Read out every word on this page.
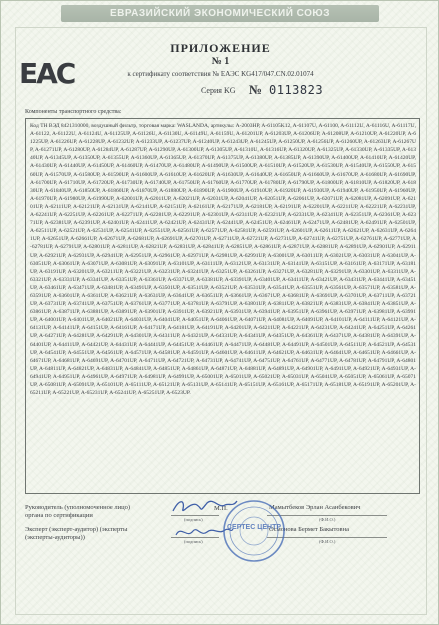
ЕВРАЗИЙСКИЙ ЭКОНОМИЧЕСКИЙ СОЮЗ
EAC
ПРИЛОЖЕНИЕ
№ 1
к сертификату соответствия № ЕАЭС KG417/047.CN.02.01074
Серия KG № 0113823
Компоненты транспортного средства:
Код ТН ВЭД 8421310000, воздушный фильтр, торговая марка: WASLANDA, артикулы: A-2003HP, A-61105K12, A-61107U, A-61100, A-61112U, A-61116U, A-61117U, A-61122, A-61122U, A-61124U, A-61125UP, A-61126U, A-61130U, A-61149U, A-61159U, A-61201UP, A-61203UP, A-61206UP, A-61208UP, A-61210UP, A-61220UP, A-61225UP, A-61226UP, A-61228UP, A-61232UP, A-61233UP, A-61237UP, A-61240UP, A-61243UP, A-61245UP, A-61250UP, A-61256UP, A-61260UP, A-61263UP, A-61267UP, A-61271UP, A-61280UP, A-61284UP, A-61287UP, A-61290UP, A-61300UP, A-61305UP, A-61310U, A-61316UP, A-61320UP, A-61325UP, A-61330UP, A-61335UP, A-61340UP, A-61345UP, A-61350UP, A-61355UP, A-61360UP, A-61365UP, A-61370UP, A-61375UP, A-61380UP, A-61385UP, A-61390UP, A-61400UP, A-61410UP, A-61420UP, A-61430UP, A-61440UP, A-61450UP, A-61460UP, A-61470UP, A-61480UP, A-61490UP, A-61500UP, A-61510UP, A-61520UP, A-61530UP, A-61540UP, A-61550UP, A-61560UP, A-61570UP, A-61580UP, A-61590UP, A-61600UP, A-61610UP, A-61620UP, A-61630UP, A-61640UP, A-61650UP, A-61660UP, A-61670UP, A-61680UP, A-61690UP, A-61700UP, A-61710UP, A-61720UP, A-61730UP, A-61740UP, A-61750UP, A-61760UP, A-61770UP, A-61780UP, A-61790UP, A-61800UP, A-61810UP, A-61820UP, A-61830UP, A-61840UP, A-61850UP, A-61860UP, A-61870UP, A-61880UP, A-61890UP, A-61900UP, A-61910UP, A-61920UP, A-61930UP, A-61940UP, A-61950UP, A-61960UP, A-61970UP, A-61980UP, A-61990UP, A-62001UP, A-62011UP, A-62021UP, A-62031UP, A-62041UP, A-62051UP, A-62061UP, A-62071UP, A-62081UP, A-62091UP, A-62101UP, A-62111UP, A-62121UP, A-62131UP, A-62141UP, A-62151UP, A-62161UP, A-62171UP, A-62181UP, A-62191UP, A-62201UP, A-62211UP, A-62221UP, A-62231UP, A-62241UP, A-62251UP, A-62261UP, A-62271UP, A-62281UP, A-62291UP, A-62301UP, A-62311UP, A-62321UP, A-62331UP, A-62341UP, A-62351UP, A-62361UP, A-62371UP, A-62381UP, A-62391UP, A-62401UP, A-62411UP, A-62421UP, A-62431UP, A-62441UP, A-62451UP, A-62461UP, A-62471UP, A-62481UP, A-62491UP, A-62501UP, A-62511UP, A-62521UP, A-62531UP, A-62541UP, A-62551UP, A-62561UP, A-62571UP, A-62581UP, A-62591UP, A-62601UP, A-62611UP, A-62621UP, A-62631UP, A-62641UP, A-62651UP, A-62661UP, A-62671UP, A-62681UP, A-62691UP, A-62701UP, A-62711UP, A-62721UP, A-62731UP, A-62741UP, A-62751UP, A-62761UP, A-62771UP, A-62781UP, A-62791UP, A-62801UP, A-62811UP, A-62821UP, A-62831UP, A-62841UP, A-62851UP, A-62861UP, A-62871UP, A-62881UP, A-62891UP, A-62901UP, A-62911UP, A-62921UP, A-62931UP, A-62941UP, A-62951UP, A-62961UP, A-62971UP, A-62981UP, A-62991UP, A-63001UP, A-63011UP, A-63021UP, A-63031UP, A-63041UP, A-63051UP, A-63061UP, A-63071UP, A-63081UP, A-63091UP, A-63101UP, A-63111UP, A-63121UP, A-63131UP, A-63141UP, A-63151UP, A-63161UP, A-63171UP, A-63181UP, A-63191UP, A-63201UP, A-63211UP, A-63221UP, A-63231UP, A-63241UP, A-63251UP, A-63261UP, A-63271UP, A-63281UP, A-63291UP, A-63301UP, A-63311UP, A-63321UP, A-63331UP, A-63341UP, A-63351UP, A-63361UP, A-63371UP, A-63381UP, A-63391UP, A-63401UP, A-63411UP, A-63421UP, A-63431UP, A-63441UP, A-63451UP, A-63461UP, A-63471UP, A-63481UP, A-63491UP, A-63501UP, A-63511UP, A-63521UP, A-63531UP, A-63541UP, A-63551UP, A-63561UP, A-63571UP, A-63581UP, A-63591UP, A-63601UP, A-63611UP, A-63621UP, A-63631UP, A-63641UP, A-63651UP, A-63661UP, A-63671UP, A-63681UP, A-63691UP, A-63701UP, A-63711UP, A-63721UP, A-63731UP, A-63741UP, A-63751UP, A-63761UP, A-63771UP, A-63781UP, A-63791UP, A-63801UP, A-63811UP, A-63821UP, A-63831UP, A-63841UP, A-63851UP, A-63861UP, A-63871UP, A-63881UP, A-63891UP, A-63901UP, A-63911UP, A-63921UP, A-63931UP, A-63941UP, A-63951UP, A-63961UP, A-63971UP, A-63981UP, A-63991UP, A-64001UP, A-64011UP, A-64021UP, A-64031UP, A-64041UP, A-64051UP, A-64061UP, A-64071UP, A-64081UP, A-64091UP, A-64101UP, A-64111UP, A-64121UP, A-64131UP, A-64141UP, A-64151UP, A-64161UP, A-64171UP, A-64181UP, A-64191UP, A-64201UP, A-64211UP, A-64221UP, A-64231UP, A-64241UP, A-64251UP, A-64261UP, A-64271UP, A-64281UP, A-64291UP, A-64301UP, A-64311UP, A-64321UP, A-64331UP, A-64341UP, A-64351UP, A-64361UP, A-64371UP, A-64381UP, A-64391UP, A-64401UP, A-64411UP, A-64421UP, A-64431UP, A-64441UP, A-64451UP, A-64461UP, A-64471UP, A-64481UP, A-64491UP, A-64501UP, A-64511UP, A-64521UP, A-64531UP, A-64541UP, A-64551UP, A-64561UP, A-64571UP, A-64581UP, A-64591UP, A-64601UP, A-64611UP, A-64621UP, A-64631UP, A-64641UP, A-64651UP, A-64661UP, A-64671UP, A-64681UP, A-64691UP, A-64701UP, A-64711UP, A-64721UP, A-64731UP, A-64741UP, A-64751UP, A-64761UP, A-64771UP, A-64781UP, A-64791UP, A-64801UP, A-64811UP, A-64821UP, A-64831UP, A-64841UP, A-64851UP, A-64861UP, A-64871UP, A-64881UP, A-64891UP, A-64901UP, A-64911UP, A-64921UP, A-64931UP, A-64941UP, A-64951UP, A-64961UP, A-64971UP, A-64981UP, A-64991UP, A-65001UP, A-65011UP, A-65021UP, A-65031UP, A-65041UP, A-65051UP, A-65061UP, A-65071UP, A-65081UP, A-65091UP, A-65101UP, A-65111UP, A-65121UP, A-65131UP, A-65141UP, A-65151UP, A-65161UP, A-65171UP, A-65181UP, A-65191UP, A-65201UP, A-65211UP, A-65221UP, A-65231UP, A-65241UP, A-65251UP, A-6523UP.
Руководитель (уполномоченное лицо) органа по сертификации
М.П.	Мамытбеков Эрлан Асанбекович
(подпись)	(Ф.И.О.)
Эксперт (эксперт-аудитор) (эксперты (эксперты-аудиторы))
Осмонова Бермет Бакытовна
(подпись)	(Ф.И.О.)
СЕРТЕС ЦЕНТР
